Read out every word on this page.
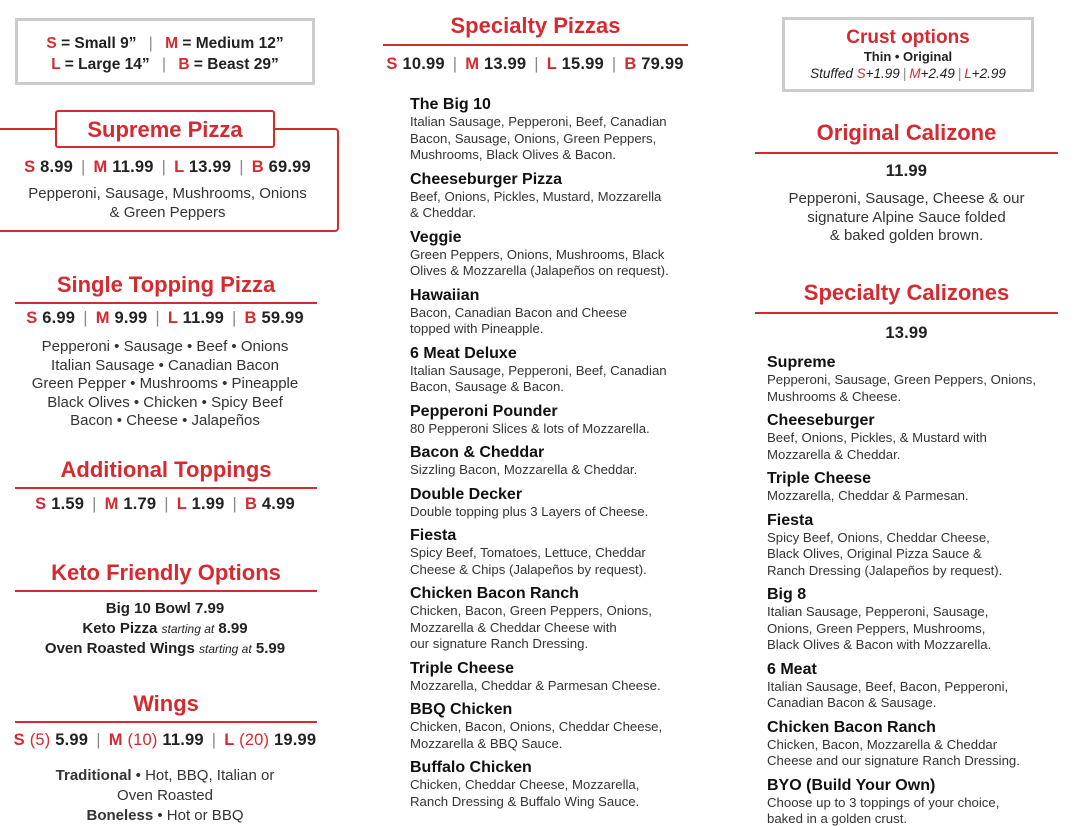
S = Small 9” | M = Medium 12”
L = Large 14” | B = Beast 29”
Supreme Pizza
S 8.99 | M 11.99 | L 13.99 | B 69.99
Pepperoni, Sausage, Mushrooms, Onions
& Green Peppers
Single Topping Pizza
S 6.99 | M 9.99 | L 11.99 | B 59.99
Pepperoni • Sausage • Beef • Onions
Italian Sausage • Canadian Bacon
Green Pepper • Mushrooms • Pineapple
Black Olives • Chicken • Spicy Beef
Bacon • Cheese • Jalapeños
Additional Toppings
S 1.59 | M 1.79 | L 1.99 | B 4.99
Keto Friendly Options
Big 10 Bowl 7.99
Keto Pizza starting at 8.99
Oven Roasted Wings starting at 5.99
Wings
S (5) 5.99 | M (10) 11.99 | L (20) 19.99
Traditional • Hot, BBQ, Italian or
Oven Roasted
Boneless • Hot or BBQ
Specialty Pizzas
S 10.99 | M 13.99 | L 15.99 | B 79.99
The Big 10
Italian Sausage, Pepperoni, Beef, Canadian
Bacon, Sausage, Onions, Green Peppers,
Mushrooms, Black Olives & Bacon.
Cheeseburger Pizza
Beef, Onions, Pickles, Mustard, Mozzarella
& Cheddar.
Veggie
Green Peppers, Onions, Mushrooms, Black
Olives & Mozzarella (Jalapeños on request).
Hawaiian
Bacon, Canadian Bacon and Cheese
topped with Pineapple.
6 Meat Deluxe
Italian Sausage, Pepperoni, Beef, Canadian
Bacon, Sausage & Bacon.
Pepperoni Pounder
80 Pepperoni Slices & lots of Mozzarella.
Bacon & Cheddar
Sizzling Bacon, Mozzarella & Cheddar.
Double Decker
Double topping plus 3 Layers of Cheese.
Fiesta
Spicy Beef, Tomatoes, Lettuce, Cheddar
Cheese & Chips (Jalapeños by request).
Chicken Bacon Ranch
Chicken, Bacon, Green Peppers, Onions,
Mozzarella & Cheddar Cheese with
our signature Ranch Dressing.
Triple Cheese
Mozzarella, Cheddar & Parmesan Cheese.
BBQ Chicken
Chicken, Bacon, Onions, Cheddar Cheese,
Mozzarella & BBQ Sauce.
Buffalo Chicken
Chicken, Cheddar Cheese, Mozzarella,
Ranch Dressing & Buffalo Wing Sauce.
Crust options
Thin • Original
Stuffed S+1.99 | M+2.49 | L+2.99
Original Calizone
11.99
Pepperoni, Sausage, Cheese & our
signature Alpine Sauce folded
& baked golden brown.
Specialty Calizones
13.99
Supreme
Pepperoni, Sausage, Green Peppers, Onions,
Mushrooms & Cheese.
Cheeseburger
Beef, Onions, Pickles, & Mustard with
Mozzarella & Cheddar.
Triple Cheese
Mozzarella, Cheddar & Parmesan.
Fiesta
Spicy Beef, Onions, Cheddar Cheese,
Black Olives, Original Pizza Sauce &
Ranch Dressing (Jalapeños by request).
Big 8
Italian Sausage, Pepperoni, Sausage,
Onions, Green Peppers, Mushrooms,
Black Olives & Bacon with Mozzarella.
6 Meat
Italian Sausage, Beef, Bacon, Pepperoni,
Canadian Bacon & Sausage.
Chicken Bacon Ranch
Chicken, Bacon, Mozzarella & Cheddar
Cheese and our signature Ranch Dressing.
BYO (Build Your Own)
Choose up to 3 toppings of your choice,
baked in a golden crust.
